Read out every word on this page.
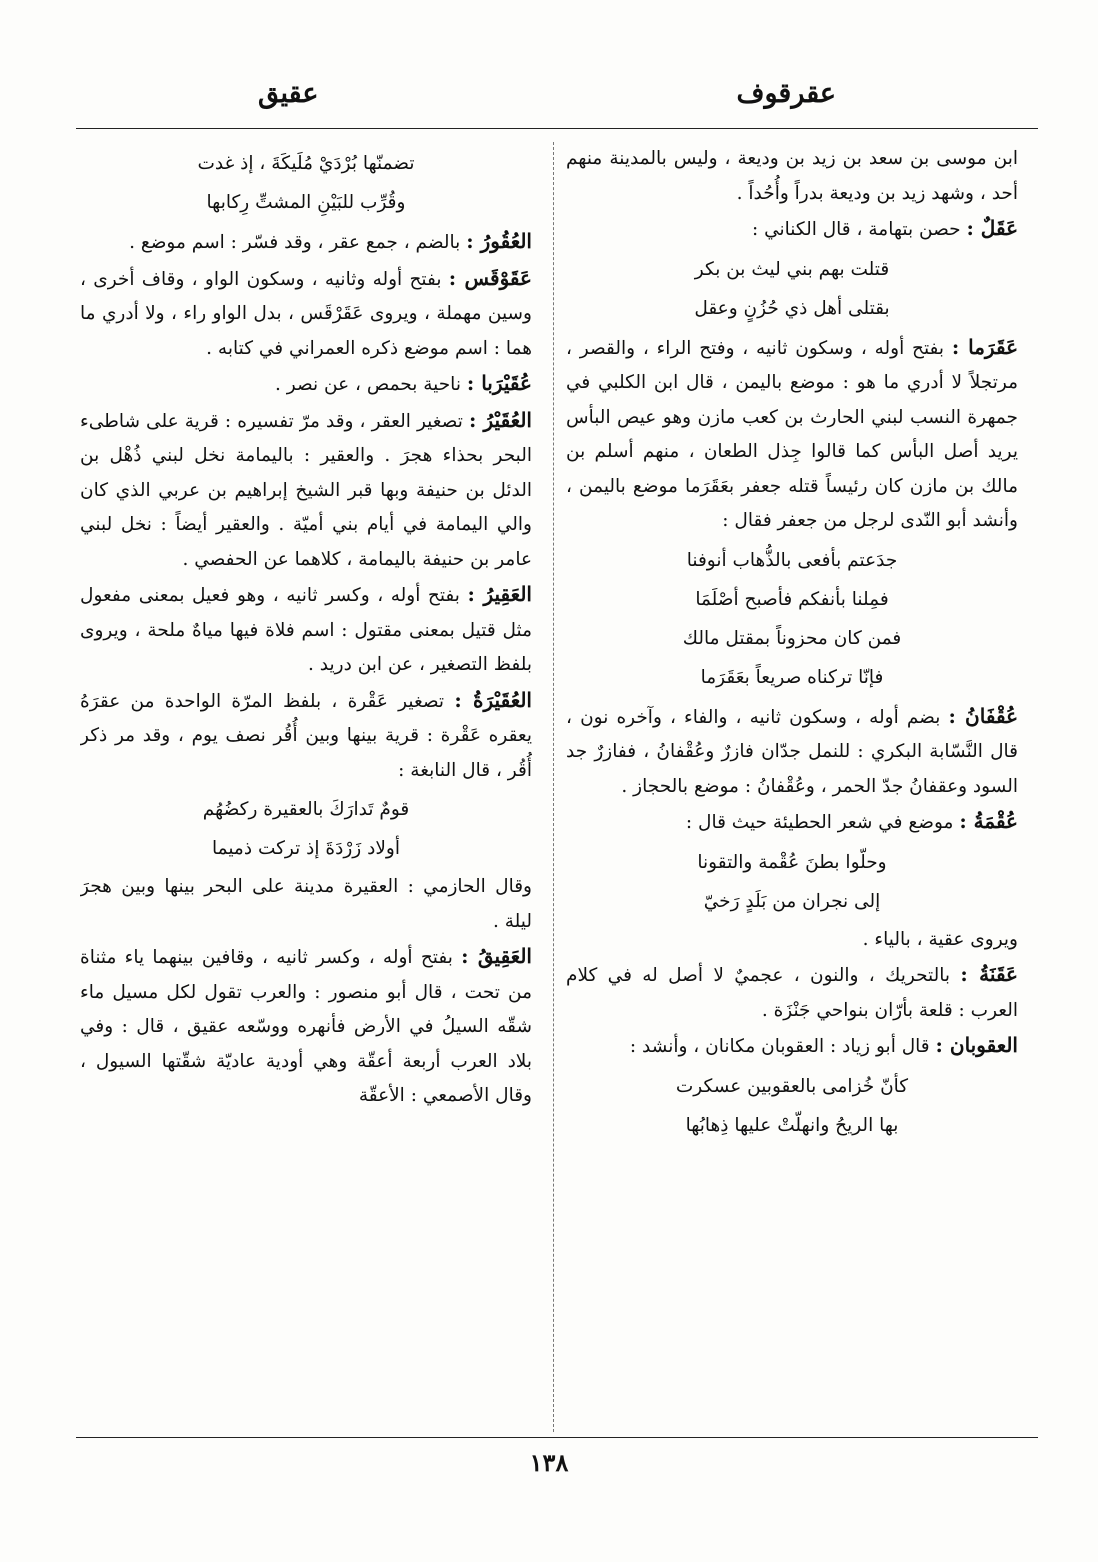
عقرقوف
عقيق

ابن موسى بن سعد بن زيد بن وديعة ، وليس بالمدينة منهم أحد ، وشهد زيد بن وديعة بدراً وأُحُداً .

عَقَلٌ : حصن بتهامة ، قال الكناني :

قتلت بهم بني ليث بن بكر
بقتلى أهل ذي حُزُنٍ وعقل

عَقَرَما : بفتح أوله ، وسكون ثانيه ، وفتح الراء ، والقصر ، مرتجلاً لا أدري ما هو : موضع باليمن ، قال ابن الكلبي في جمهرة النسب لبني الحارث بن كعب مازن وهو عيص البأس يريد أصل البأس كما قالوا جِذل الطعان ، منهم أسلم بن مالك بن مازن كان رئيساً قتله جعفر بعَقَرَما موضع باليمن ، وأنشد أبو النّدى لرجل من جعفر فقال :

جدَعتم بأفعى بالذُّهاب أنوفنا
فمِلنا بأنفكم فأصبح أصْلَمَا
فمن كان محزوناً بمقتل مالك
فإنّا تركناه صريعاً بعَقَرَما

عُقْفَانُ : بضم أوله ، وسكون ثانيه ، والفاء ، وآخره نون ، قال النَّسّابة البكري : للنمل جدّان فازرٌ وعُقْفانُ ، ففازرٌ جد السود وعقفانُ جدّ الحمر ، وعُقْفانُ : موضع بالحجاز .

عُقْمَةُ : موضع في شعر الحطيئة حيث قال :

وحلّوا بطنَ عُقْمة والتقونا
إلى نجران من بَلَدٍ رَخيّ

ويروى عقية ، بالياء .

عَقَنَةُ : بالتحريك ، والنون ، عجميٌ لا أصل له في كلام العرب : قلعة بأرّان بنواحي جَنْزَة .

العقوبان : قال أبو زياد : العقوبان مكانان ، وأنشد :

كأنّ خُزامى بالعقوبين عسكرت
بها الريحُ وانهلّتْ عليها ذِهابُها
تضمنّها بُرْدَيْ مُلَيكَةَ ، إذ غدت
وقُرِّب للبَيْنِ المشتِّ رِكابها

العُقُورُ : بالضم ، جمع عقر ، وقد فسّر : اسم موضع .

عَقَوْقَس : بفتح أوله وثانيه ، وسكون الواو ، وقاف أخرى ، وسين مهملة ، ويروى عَقَرْقَس ، بدل الواو راء ، ولا أدري ما هما : اسم موضع ذكره العمراني في كتابه .

عُقَيْرَبا : ناحية بحمص ، عن نصر .

العُقَيْرُ : تصغير العقر ، وقد مرّ تفسيره : قرية على شاطىء البحر بحذاء هجرَ . والعقير : باليمامة نخل لبني ذُهْل بن الدئل بن حنيفة وبها قبر الشيخ إبراهيم بن عربي الذي كان والي اليمامة في أيام بني أميّة . والعقير أيضاً : نخل لبني عامر بن حنيفة باليمامة ، كلاهما عن الحفصي .

العَقِيرُ : بفتح أوله ، وكسر ثانيه ، وهو فعيل بمعنى مفعول مثل قتيل بمعنى مقتول : اسم فلاة فيها مياهٌ ملحة ، ويروى بلفظ التصغير ، عن ابن دريد .

العُقَيْرَةُ : تصغير عَقْرة ، بلفظ المرّة الواحدة من عقرَهُ يعقره عَقْرة : قرية بينها وبين أُقُر نصف يوم ، وقد مر ذكر أُقُر ، قال النابغة :

قومٌ تَدارَكَ بالعقيرة ركضُهُم
أولاد زَرْدَةَ إذ تركت ذميما

وقال الحازمي : العقيرة مدينة على البحر بينها وبين هجرَ ليلة .

العَقِيقُ : بفتح أوله ، وكسر ثانيه ، وقافين بينهما ياء مثناة من تحت ، قال أبو منصور : والعرب تقول لكل مسيل ماء شقّه السيلُ في الأرض فأنهره ووسّعه عقيق ، قال : وفي بلاد العرب أربعة أعقّة وهي أودية عاديّة شقّتها السيول ، وقال الأصمعي : الأعقّة

١٣٨
